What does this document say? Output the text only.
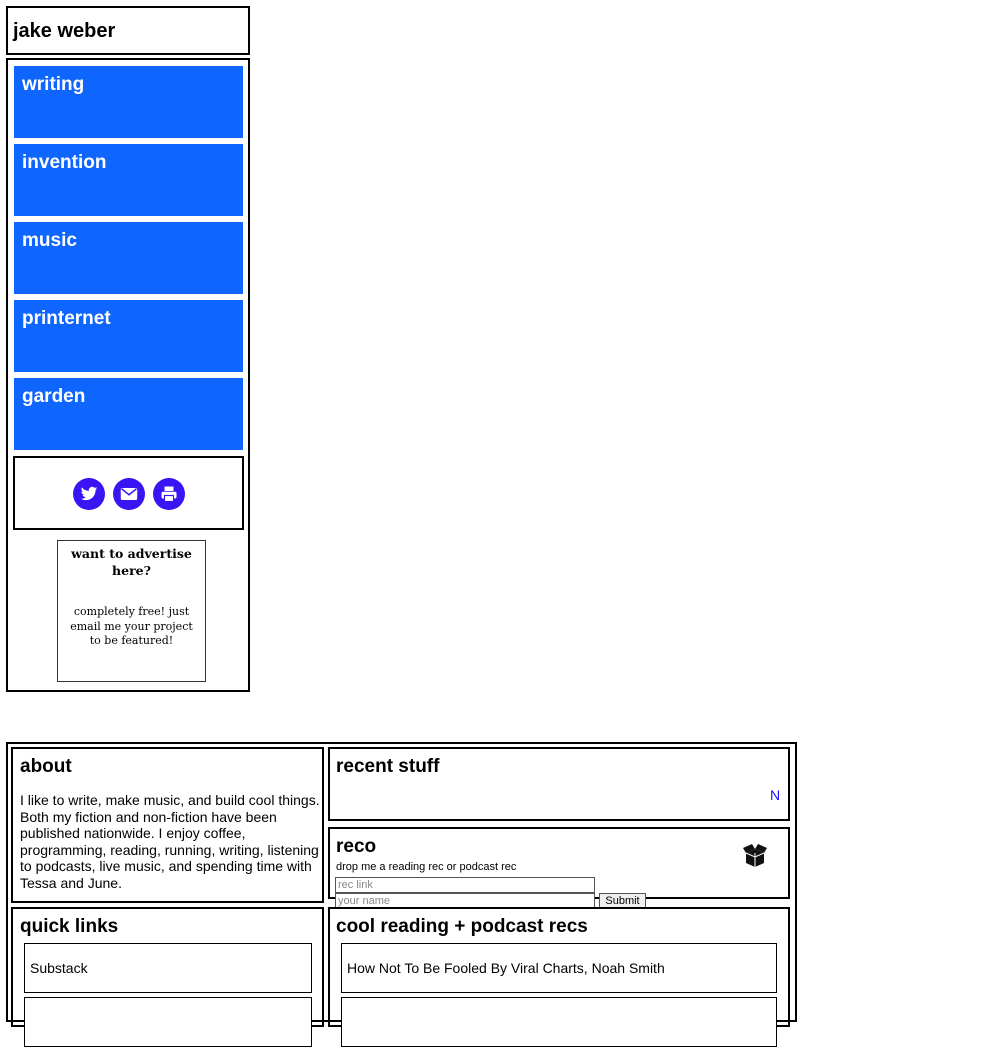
jake weber
writing
invention
music
printernet
garden
want to advertise here?
completely free! just email me your project to be featured!
about
I like to write, make music, and build cool things. Both my fiction and non-fiction have been published nationwide. I enjoy coffee, programming, reading, running, writing, listening to podcasts, live music, and spending time with Tessa and June.
recent stuff
N
reco
drop me a reading rec or podcast rec
rec link
your name
Submit
quick links
Substack
cool reading + podcast recs
How Not To Be Fooled By Viral Charts, Noah Smith
